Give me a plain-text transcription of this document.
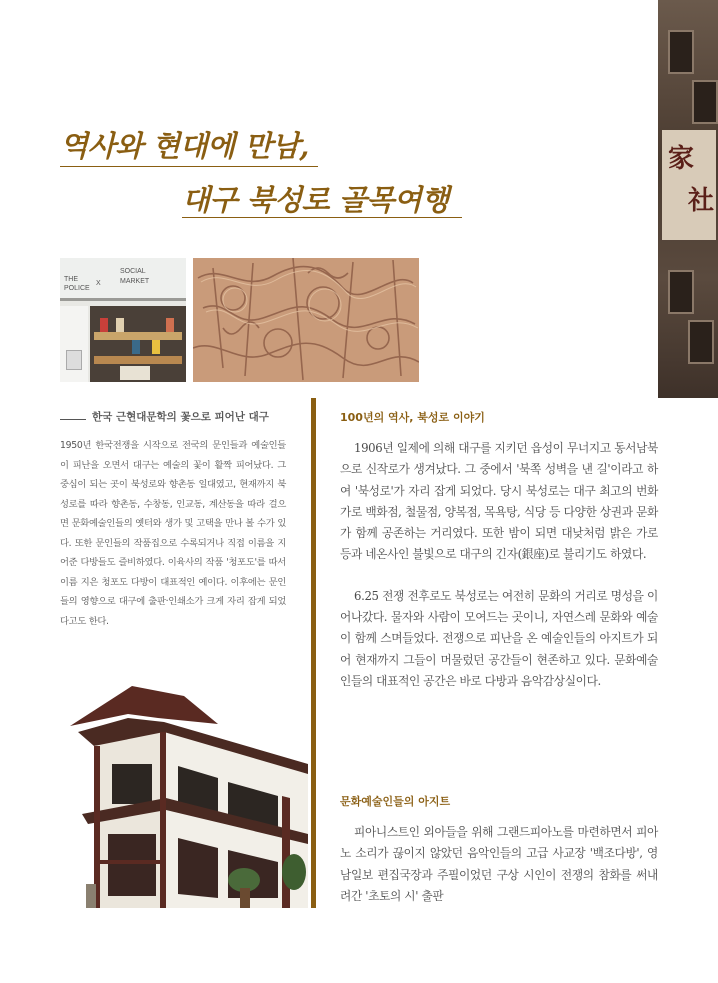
家
社
역사와 현대에 만남,
대구 북성로 골목여행
THE
POLICE
X
SOCIAL
MARKET
한국 근현대문학의 꽃으로 피어난 대구
1950년 한국전쟁을 시작으로 전국의 문인들과 예술인들이 피난을 오면서 대구는 예술의 꽃이 활짝 피어났다. 그 중심이 되는 곳이 북성로와 향촌동 일대였고, 현재까지 북성로를 따라 향촌동, 수창동, 인교동, 계산동을 따라 걸으면 문화예술인들의 옛터와 생가 및 고택을 만나 볼 수가 있다. 또한 문인들의 작품집으로 수록되거나 직접 이름을 지어준 다방들도 즐비하였다. 이육사의 작품 '청포도'를 따서 이름 지은 청포도 다방이 대표적인 예이다. 이후에는 문인들의 영향으로 대구에 출판·인쇄소가 크게 자리 잡게 되었다고도 한다.
100년의 역사, 북성로 이야기

1906년 일제에 의해 대구를 지키던 읍성이 무너지고 동서남북으로 신작로가 생겨났다. 그 중에서 '북쪽 성벽을 낸 길'이라고 하여 '북성로'가 자리 잡게 되었다. 당시 북성로는 대구 최고의 번화가로 백화점, 철물점, 양복점, 목욕탕, 식당 등 다양한 상권과 문화가 함께 공존하는 거리였다. 또한 밤이 되면 대낮처럼 밝은 가로등과 네온사인 불빛으로 대구의 긴자(銀座)로 불리기도 하였다.

6.25 전쟁 전후로도 북성로는 여전히 문화의 거리로 명성을 이어나갔다. 물자와 사람이 모여드는 곳이니, 자연스레 문화와 예술이 함께 스며들었다. 전쟁으로 피난을 온 예술인들의 아지트가 되어 현재까지 그들이 머물렀던 공간들이 현존하고 있다. 문화예술인들의 대표적인 공간은 바로 다방과 음악감상실이다.

문화예술인들의 아지트

피아니스트인 외아들을 위해 그랜드피아노를 마련하면서 피아노 소리가 끊이지 않았던 음악인들의 고급 사교장 '백조다방', 영남일보 편집국장과 주필이었던 구상 시인이 전쟁의 참화를 써내려간 '초토의 시' 출판
